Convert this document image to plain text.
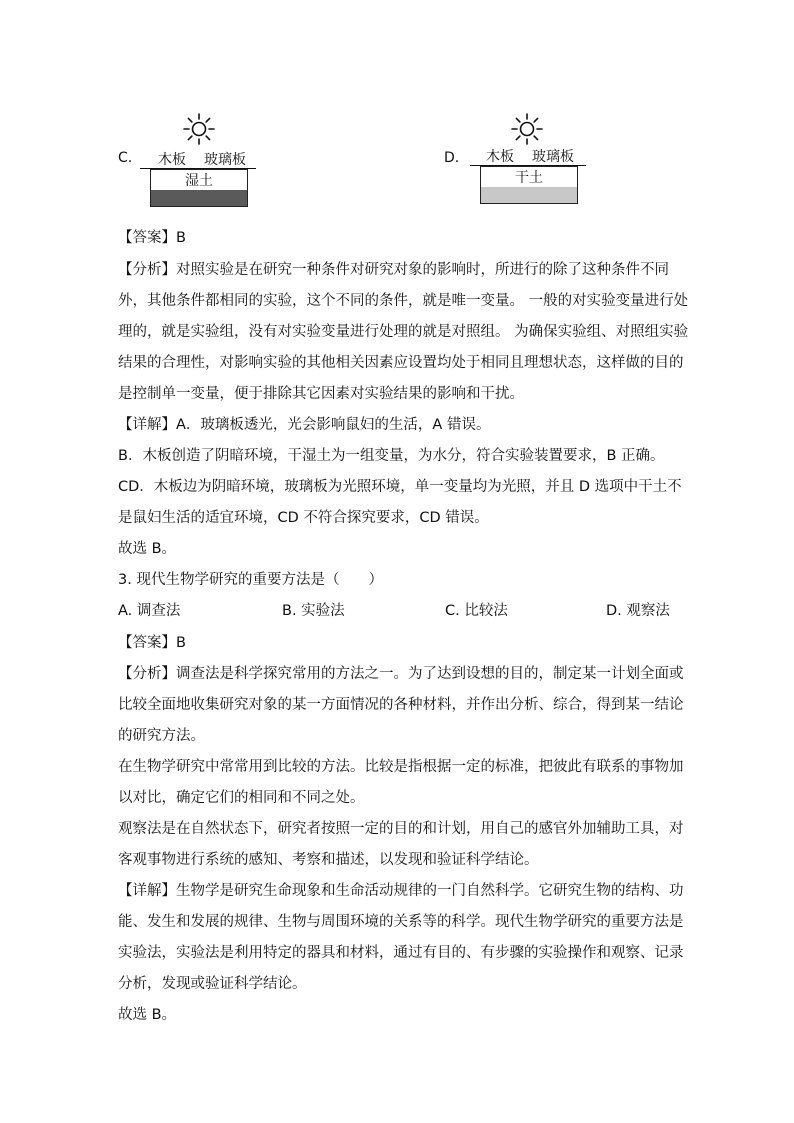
C. 木板 玻璃板
湿土
D. 木板 玻璃板
干土
【答案】B
【分析】对照实验是在研究一种条件对研究对象的影响时，所进行的除了这种条件不同
外，其他条件都相同的实验，这个不同的条件，就是唯一变量。 一般的对实验变量进行处
理的，就是实验组，没有对实验变量进行处理的就是对照组。 为确保实验组、对照组实验
结果的合理性，对影响实验的其他相关因素应设置均处于相同且理想状态，这样做的目的
是控制单一变量，便于排除其它因素对实验结果的影响和干扰。
【详解】A．玻璃板透光，光会影响鼠妇的生活，A 错误。
B．木板创造了阴暗环境，干湿土为一组变量，为水分，符合实验装置要求，B 正确。
CD．木板边为阴暗环境，玻璃板为光照环境，单一变量均为光照，并且 D 选项中干土不
是鼠妇生活的适宜环境，CD 不符合探究要求，CD 错误。
故选 B。
3. 现代生物学研究的重要方法是（　　）
A. 调查法	B. 实验法	C. 比较法	D. 观察法
【答案】B
【分析】调查法是科学探究常用的方法之一。为了达到设想的目的，制定某一计划全面或
比较全面地收集研究对象的某一方面情况的各种材料，并作出分析、综合，得到某一结论
的研究方法。
在生物学研究中常常用到比较的方法。比较是指根据一定的标准，把彼此有联系的事物加
以对比，确定它们的相同和不同之处。
观察法是在自然状态下，研究者按照一定的目的和计划，用自己的感官外加辅助工具，对
客观事物进行系统的感知、考察和描述，以发现和验证科学结论。
【详解】生物学是研究生命现象和生命活动规律的一门自然科学。它研究生物的结构、功
能、发生和发展的规律、生物与周围环境的关系等的科学。现代生物学研究的重要方法是
实验法，实验法是利用特定的器具和材料，通过有目的、有步骤的实验操作和观察、记录
分析，发现或验证科学结论。
故选 B。
